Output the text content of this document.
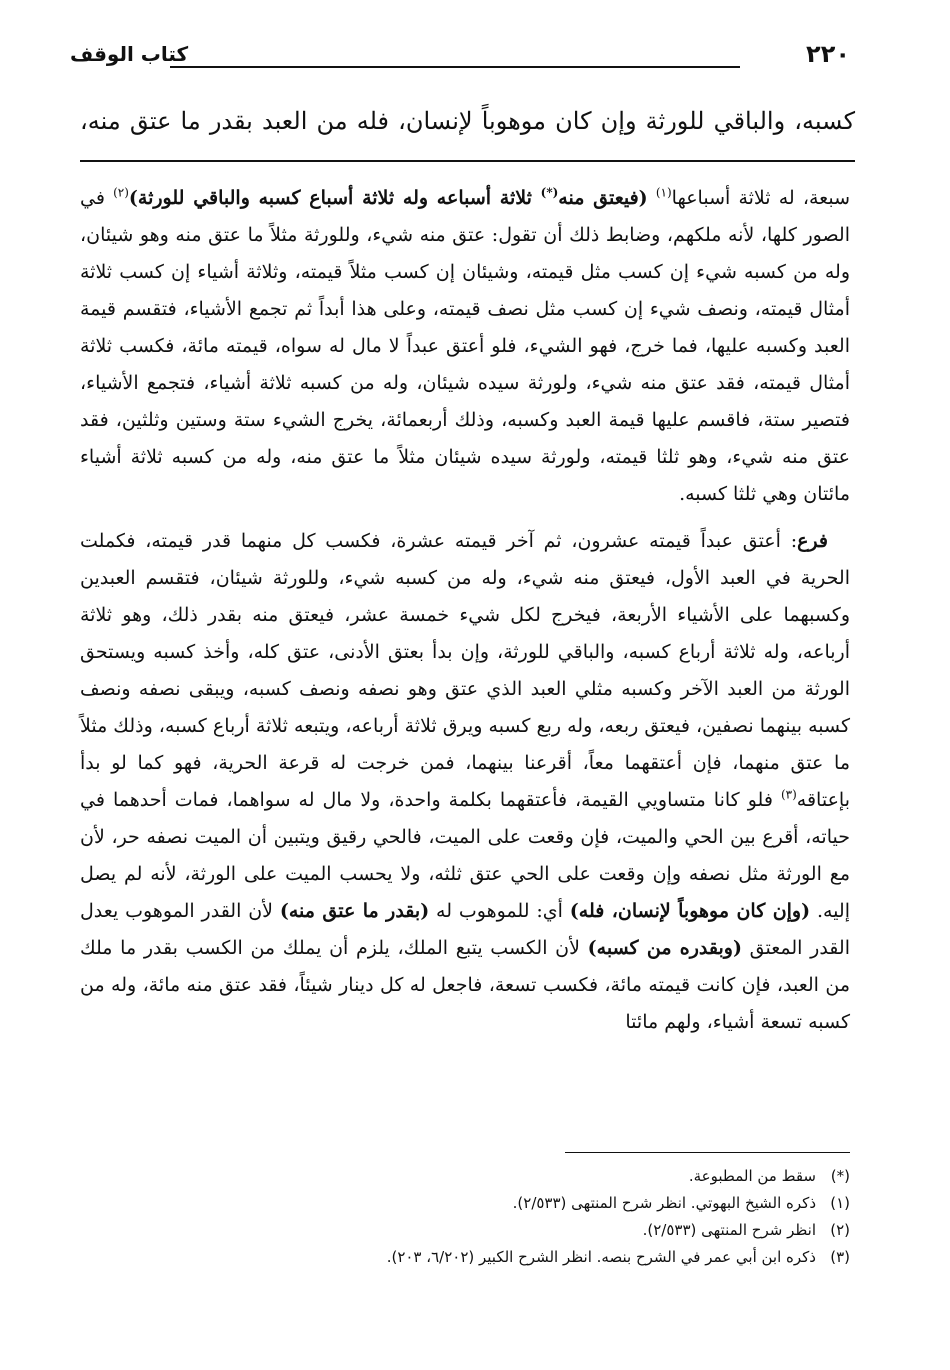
٢٢٠
كتاب الوقف
كسبه، والباقي للورثة وإن كان موهوباً لإنسان، فله من العبد بقدر ما عتق منه،

سبعة، له ثلاثة أسباعها$^{(١)}$ (فيعتق منه(*) ثلاثة أسباعه وله ثلاثة أسباع كسبه والباقي للورثة)$^{(٢)}$ في الصور كلها، لأنه ملكهم، وضابط ذلك أن تقول: عتق منه شيء، وللورثة مثلاً ما عتق منه وهو شيئان، وله من كسبه شيء إن كسب مثل قيمته، وشيئان إن كسب مثلاً قيمته، وثلاثة أشياء إن كسب ثلاثة أمثال قيمته، ونصف شيء إن كسب مثل نصف قيمته، وعلى هذا أبداً ثم تجمع الأشياء، فتقسم قيمة العبد وكسبه عليها، فما خرج، فهو الشيء، فلو أعتق عبداً لا مال له سواه، قيمته مائة، فكسب ثلاثة أمثال قيمته، فقد عتق منه شيء، ولورثة سيده شيئان، وله من كسبه ثلاثة أشياء، فتجمع الأشياء، فتصير ستة، فاقسم عليها قيمة العبد وكسبه، وذلك أربعمائة، يخرج الشيء ستة وستين وثلثين، فقد عتق منه شيء، وهو ثلثا قيمته، ولورثة سيده شيئان مثلاً ما عتق منه، وله من كسبه ثلاثة أشياء مائتان وهي ثلثا كسبه.

فرع: أعتق عبداً قيمته عشرون، ثم آخر قيمته عشرة، فكسب كل منهما قدر قيمته، فكملت الحرية في العبد الأول، فيعتق منه شيء، وله من كسبه شيء، وللورثة شيئان، فتقسم العبدين وكسبهما على الأشياء الأربعة، فيخرج لكل شيء خمسة عشر، فيعتق منه بقدر ذلك، وهو ثلاثة أرباعه، وله ثلاثة أرباع كسبه، والباقي للورثة، وإن بدأ بعتق الأدنى، عتق كله، وأخذ كسبه ويستحق الورثة من العبد الآخر وكسبه مثلي العبد الذي عتق وهو نصفه ونصف كسبه، ويبقى نصفه ونصف كسبه بينهما نصفين، فيعتق ربعه، وله ربع كسبه ويرق ثلاثة أرباعه، ويتبعه ثلاثة أرباع كسبه، وذلك مثلاً ما عتق منهما، فإن أعتقهما معاً، أقرعنا بينهما، فمن خرجت له قرعة الحرية، فهو كما لو بدأ بإعتاقه$^{(٣)}$ فلو كانا متساويي القيمة، فأعتقهما بكلمة واحدة، ولا مال له سواهما، فمات أحدهما في حياته، أقرع بين الحي والميت، فإن وقعت على الميت، فالحي رقيق ويتبين أن الميت نصفه حر، لأن مع الورثة مثل نصفه وإن وقعت على الحي عتق ثلثه، ولا يحسب الميت على الورثة، لأنه لم يصل إليه. (وإن كان موهوباً لإنسان، فله) أي: للموهوب له (بقدر ما عتق منه) لأن القدر الموهوب يعدل القدر المعتق (وبقدره من كسبه) لأن الكسب يتبع الملك، يلزم أن يملك من الكسب بقدر ما ملك من العبد، فإن كانت قيمته مائة، فكسب تسعة، فاجعل له كل دينار شيئاً، فقد عتق منه مائة، وله من كسبه تسعة أشياء، ولهم مائتا

(*)سقط من المطبوعة.
(١)ذكره الشيخ البهوتي. انظر شرح المنتهى (٢/٥٣٣).
(٢)انظر شرح المنتهى (٢/٥٣٣).
(٣)ذكره ابن أبي عمر في الشرح بنصه. انظر الشرح الكبير (٦/٢٠٢، ٢٠٣).
